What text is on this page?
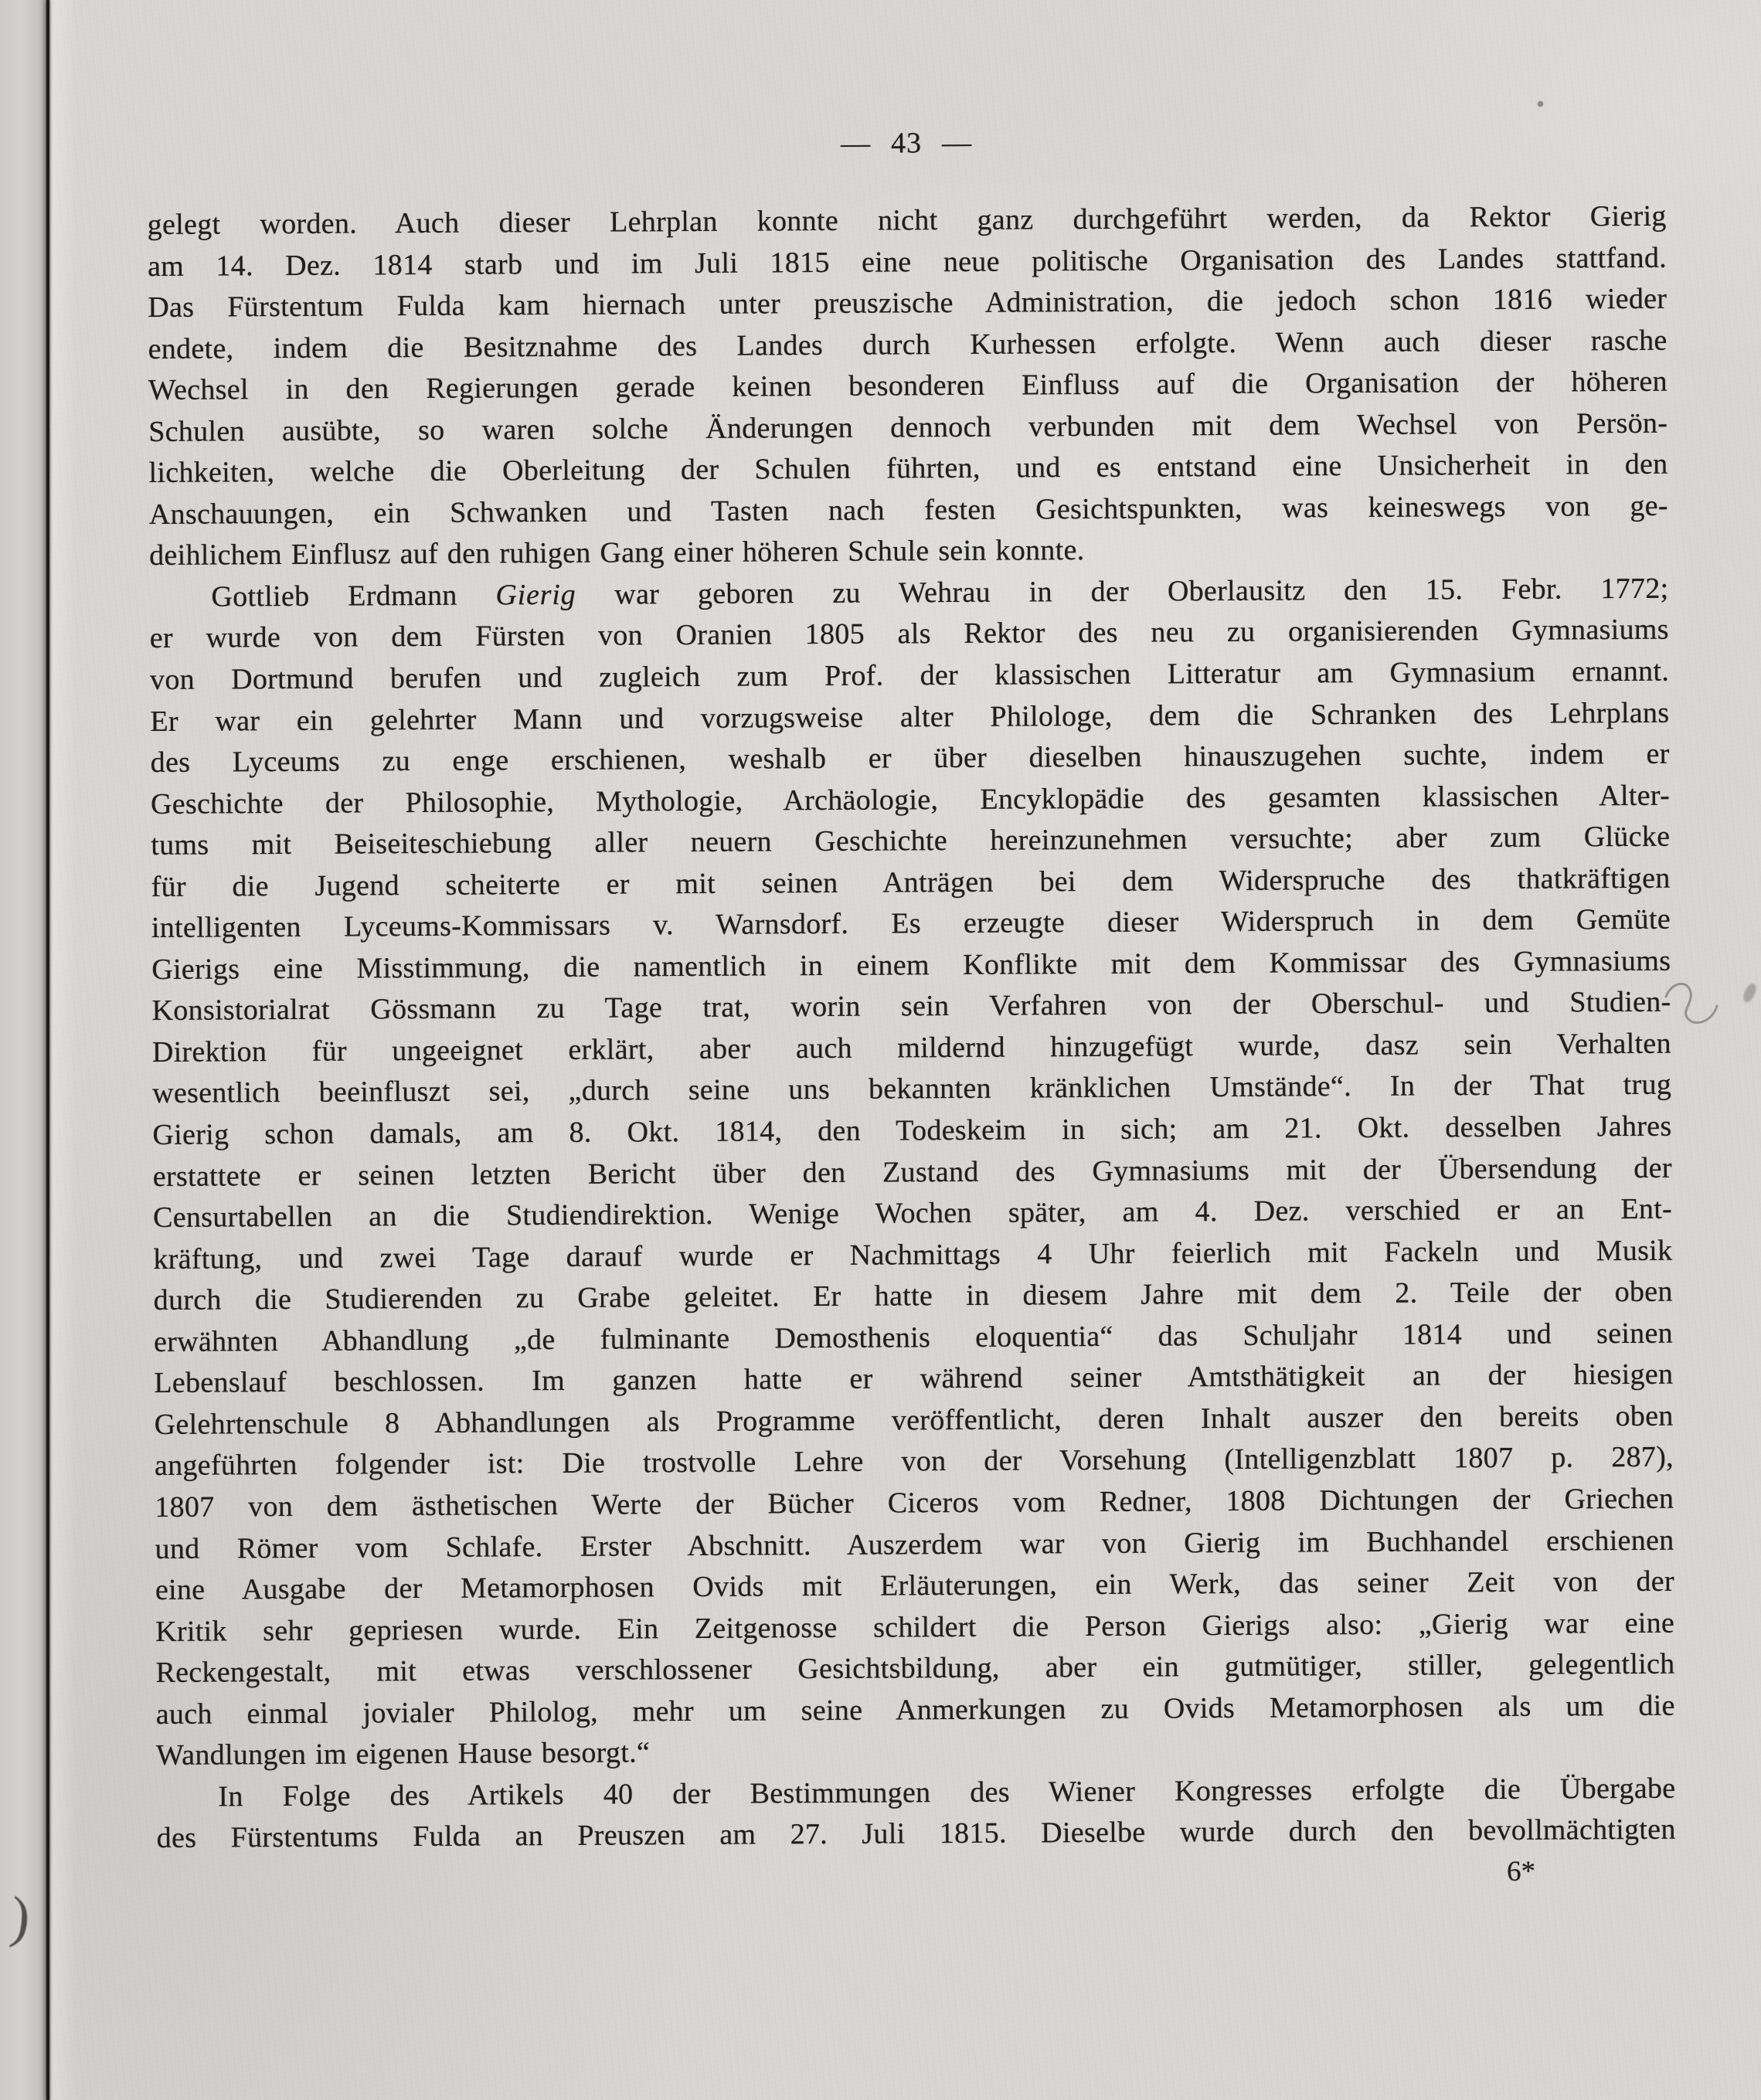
)
— 43 —
gelegt worden. Auch dieser Lehrplan konnte nicht ganz durchgeführt werden, da Rektor Gierig
am 14. Dez. 1814 starb und im Juli 1815 eine neue politische Organisation des Landes stattfand.
Das Fürstentum Fulda kam hiernach unter preuszische Administration, die jedoch schon 1816 wieder
endete, indem die Besitznahme des Landes durch Kurhessen erfolgte. Wenn auch dieser rasche
Wechsel in den Regierungen gerade keinen besonderen Einfluss auf die Organisation der höheren
Schulen ausübte, so waren solche Änderungen dennoch verbunden mit dem Wechsel von Persön-
lichkeiten, welche die Oberleitung der Schulen führten, und es entstand eine Unsicherheit in den
Anschauungen, ein Schwanken und Tasten nach festen Gesichtspunkten, was keineswegs von ge-
deihlichem Einflusz auf den ruhigen Gang einer höheren Schule sein konnte.
Gottlieb Erdmann Gierig war geboren zu Wehrau in der Oberlausitz den 15. Febr. 1772;
er wurde von dem Fürsten von Oranien 1805 als Rektor des neu zu organisierenden Gymnasiums
von Dortmund berufen und zugleich zum Prof. der klassischen Litteratur am Gymnasium ernannt.
Er war ein gelehrter Mann und vorzugsweise alter Philologe, dem die Schranken des Lehrplans
des Lyceums zu enge erschienen, weshalb er über dieselben hinauszugehen suchte, indem er
Geschichte der Philosophie, Mythologie, Archäologie, Encyklopädie des gesamten klassischen Alter-
tums mit Beiseiteschiebung aller neuern Geschichte hereinzunehmen versuchte; aber zum Glücke
für die Jugend scheiterte er mit seinen Anträgen bei dem Widerspruche des thatkräftigen
intelligenten Lyceums-Kommissars v. Warnsdorf. Es erzeugte dieser Widerspruch in dem Gemüte
Gierigs eine Misstimmung, die namentlich in einem Konflikte mit dem Kommissar des Gymnasiums
Konsistorialrat Gössmann zu Tage trat, worin sein Verfahren von der Oberschul- und Studien-
Direktion für ungeeignet erklärt, aber auch mildernd hinzugefügt wurde, dasz sein Verhalten
wesentlich beeinfluszt sei, „durch seine uns bekannten kränklichen Umstände“. In der That trug
Gierig schon damals, am 8. Okt. 1814, den Todeskeim in sich; am 21. Okt. desselben Jahres
erstattete er seinen letzten Bericht über den Zustand des Gymnasiums mit der Übersendung der
Censurtabellen an die Studiendirektion. Wenige Wochen später, am 4. Dez. verschied er an Ent-
kräftung, und zwei Tage darauf wurde er Nachmittags 4 Uhr feierlich mit Fackeln und Musik
durch die Studierenden zu Grabe geleitet. Er hatte in diesem Jahre mit dem 2. Teile der oben
erwähnten Abhandlung „de fulminante Demosthenis eloquentia“ das Schuljahr 1814 und seinen
Lebenslauf beschlossen. Im ganzen hatte er während seiner Amtsthätigkeit an der hiesigen
Gelehrtenschule 8 Abhandlungen als Programme veröffentlicht, deren Inhalt auszer den bereits oben
angeführten folgender ist: Die trostvolle Lehre von der Vorsehung (Intelligenzblatt 1807 p. 287),
1807 von dem ästhetischen Werte der Bücher Ciceros vom Redner, 1808 Dichtungen der Griechen
und Römer vom Schlafe. Erster Abschnitt. Auszerdem war von Gierig im Buchhandel erschienen
eine Ausgabe der Metamorphosen Ovids mit Erläuterungen, ein Werk, das seiner Zeit von der
Kritik sehr gepriesen wurde. Ein Zeitgenosse schildert die Person Gierigs also: „Gierig war eine
Reckengestalt, mit etwas verschlossener Gesichtsbildung, aber ein gutmütiger, stiller, gelegentlich
auch einmal jovialer Philolog, mehr um seine Anmerkungen zu Ovids Metamorphosen als um die
Wandlungen im eigenen Hause besorgt.“
In Folge des Artikels 40 der Bestimmungen des Wiener Kongresses erfolgte die Übergabe
des Fürstentums Fulda an Preuszen am 27. Juli 1815. Dieselbe wurde durch den bevollmächtigten
6*
